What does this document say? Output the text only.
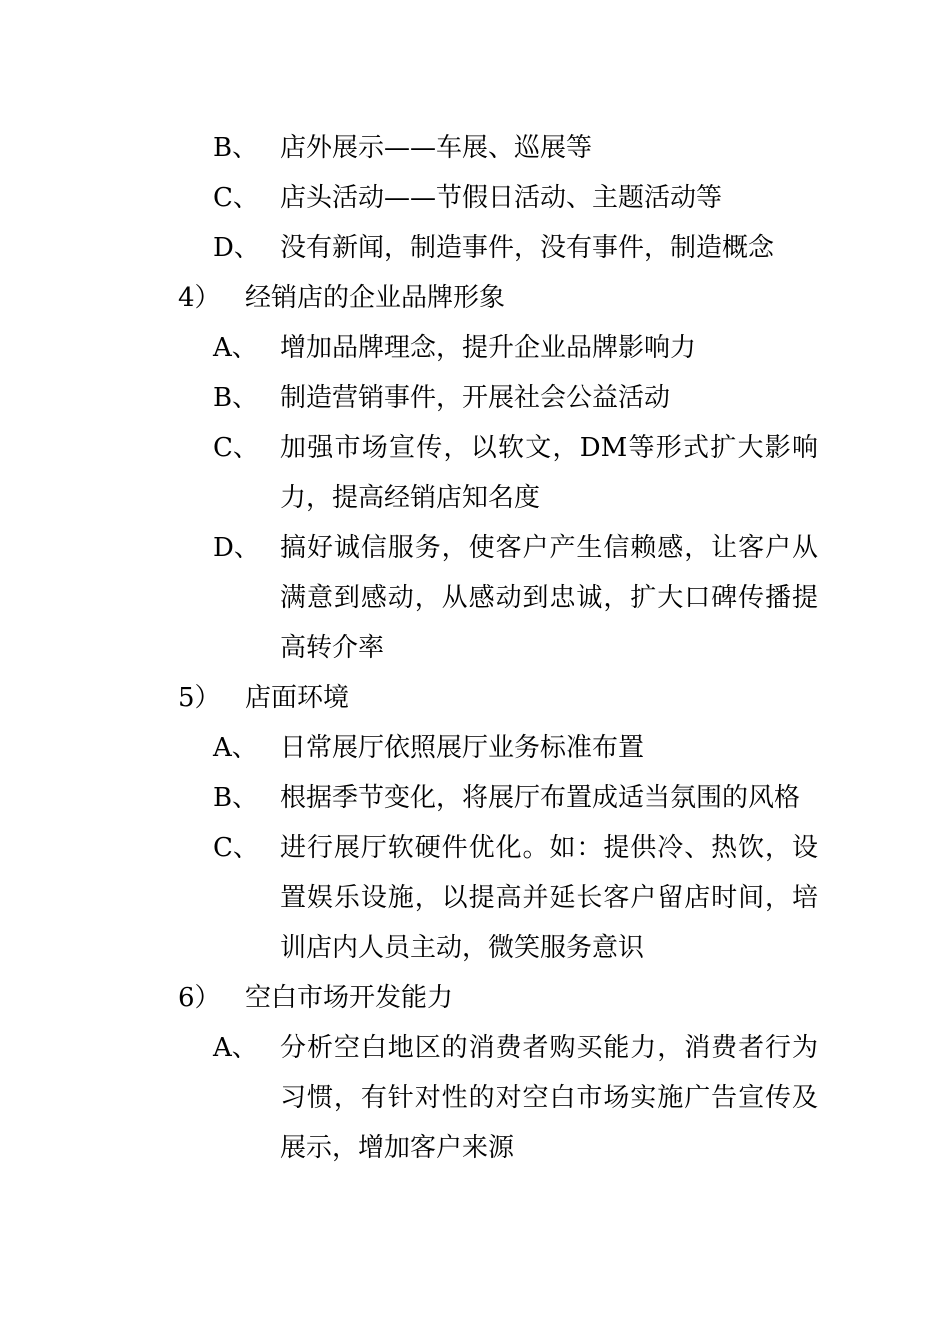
B、 店外展示——车展、巡展等
C、 店头活动——节假日活动、主题活动等
D、 没有新闻，制造事件，没有事件，制造概念
4） 经销店的企业品牌形象
A、 增加品牌理念，提升企业品牌影响力
B、 制造营销事件，开展社会公益活动
C、 加强市场宣传，以软文，DM等形式扩大影响力，提高经销店知名度
D、 搞好诚信服务，使客户产生信赖感，让客户从满意到感动，从感动到忠诚，扩大口碑传播提高转介率
5） 店面环境
A、 日常展厅依照展厅业务标准布置
B、 根据季节变化，将展厅布置成适当氛围的风格
C、 进行展厅软硬件优化。如：提供冷、热饮，设置娱乐设施，以提高并延长客户留店时间，培训店内人员主动，微笑服务意识
6） 空白市场开发能力
A、 分析空白地区的消费者购买能力，消费者行为习惯，有针对性的对空白市场实施广告宣传及展示，增加客户来源
